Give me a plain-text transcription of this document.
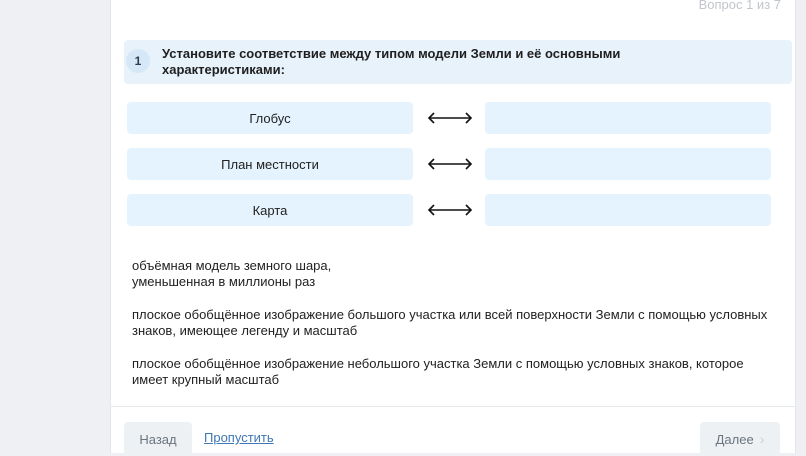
Вопрос 1 из 7
1	Установите соответствие между типом модели Земли и её основными характеристиками:
Глобус
План местности
Карта
объёмная модель земного шара,
уменьшенная в миллионы раз
плоское обобщённое изображение большого участка или всей поверхности Земли с помощью условных знаков, имеющее легенду и масштаб
плоское обобщённое изображение небольшого участка Земли с помощью условных знаков, которое имеет крупный масштаб
Назад	Пропустить	Далее ›
